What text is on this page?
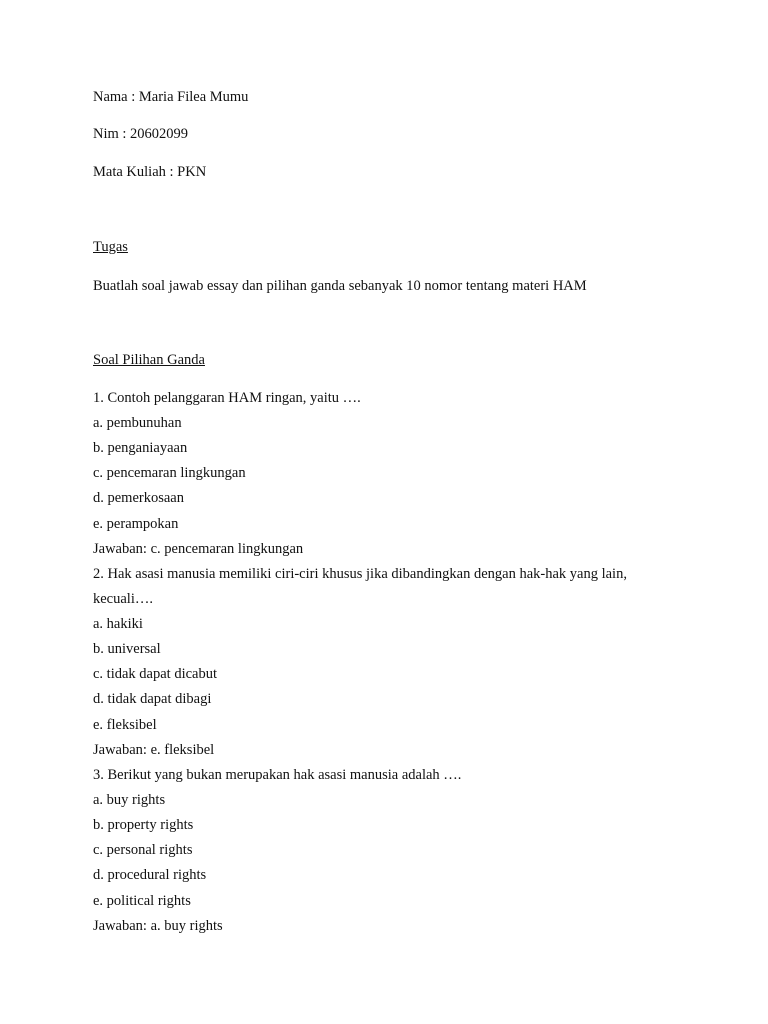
Nama : Maria Filea Mumu
Nim : 20602099
Mata Kuliah : PKN
Tugas
Buatlah soal jawab essay dan pilihan ganda sebanyak 10 nomor tentang materi HAM
Soal Pilihan Ganda
1. Contoh pelanggaran HAM ringan, yaitu ….
a. pembunuhan
b. penganiayaan
c. pencemaran lingkungan
d. pemerkosaan
e. perampokan
Jawaban: c. pencemaran lingkungan
2. Hak asasi manusia memiliki ciri-ciri khusus jika dibandingkan dengan hak-hak yang lain,
kecuali….
a. hakiki
b. universal
c. tidak dapat dicabut
d. tidak dapat dibagi
e. fleksibel
Jawaban: e. fleksibel
3. Berikut yang bukan merupakan hak asasi manusia adalah ….
a. buy rights
b. property rights
c. personal rights
d. procedural rights
e. political rights
Jawaban: a. buy rights
